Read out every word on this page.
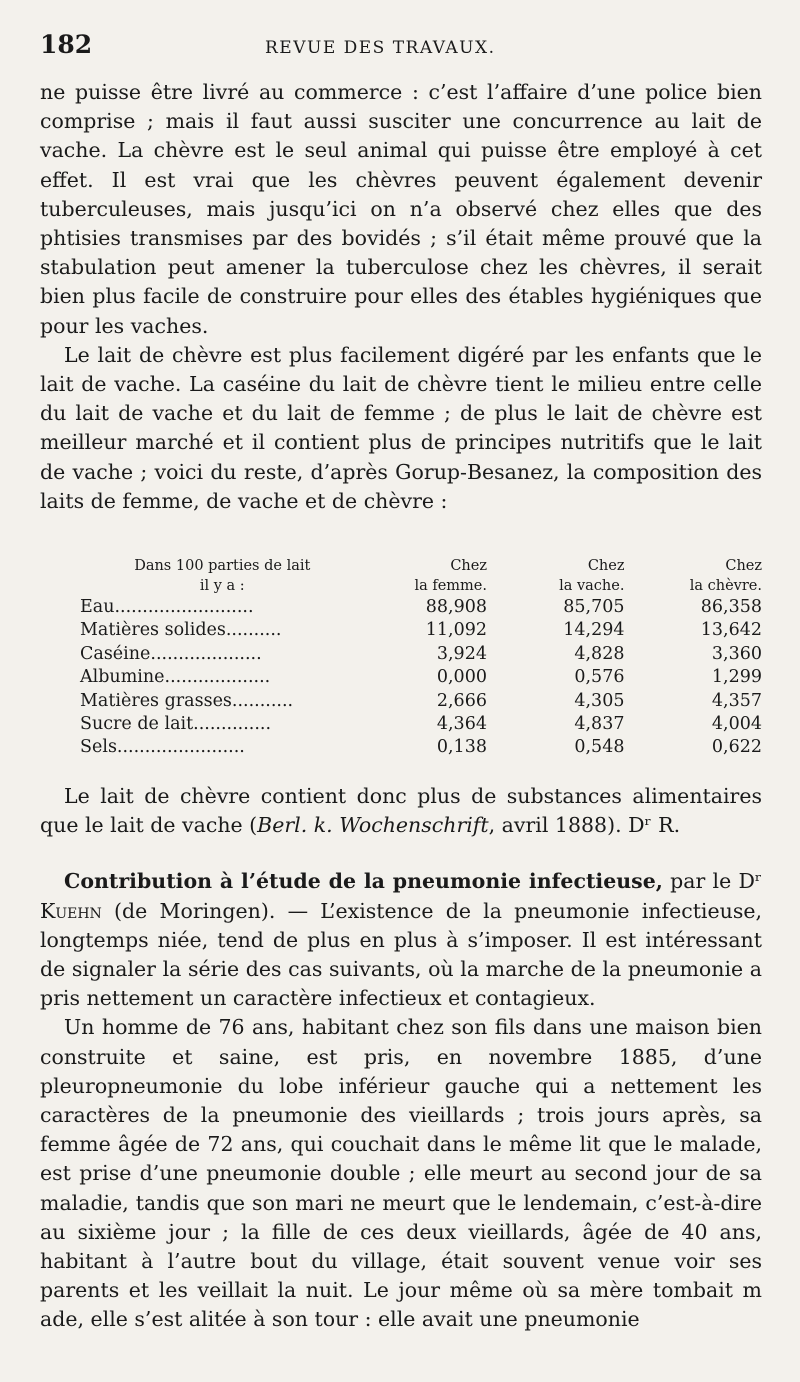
182	REVUE DES TRAVAUX.

ne puisse être livré au commerce : c’est l’affaire d’une police bien comprise ; mais il faut aussi susciter une concurrence au lait de vache. La chèvre est le seul animal qui puisse être employé à cet effet. Il est vrai que les chèvres peuvent également devenir tuberculeuses, mais jusqu’ici on n’a observé chez elles que des phtisies transmises par des bovidés ; s’il était même prouvé que la stabulation peut amener la tuberculose chez les chèvres, il serait bien plus facile de construire pour elles des étables hygiéniques que pour les vaches.

Le lait de chèvre est plus facilement digéré par les enfants que le lait de vache. La caséine du lait de chèvre tient le milieu entre celle du lait de vache et du lait de femme ; de plus le lait de chèvre est meilleur marché et il contient plus de principes nutritifs que le lait de vache ; voici du reste, d’après Gorup-Besanez, la composition des laits de femme, de vache et de chèvre :

Dans 100 parties de lait	Chez	Chez	Chez
il y a :	la femme.	la vache.	la chèvre.
Eau.........................	88,908	85,705	86,358
Matières solides..........	11,092	14,294	13,642
Caséine....................	3,924	4,828	3,360
Albumine...................	0,000	0,576	1,299
Matières grasses...........	2,666	4,305	4,357
Sucre de lait..............	4,364	4,837	4,004
Sels.......................	0,138	0,548	0,622

Le lait de chèvre contient donc plus de substances alimentaires que le lait de vache (Berl. k. Wochenschrift, avril 1888). Dʳ R.

Contribution à l’étude de la pneumonie infectieuse, par le Dʳ Kuehn (de Moringen). — L’existence de la pneumonie infectieuse, longtemps niée, tend de plus en plus à s’imposer. Il est intéressant de signaler la série des cas suivants, où la marche de la pneumonie a pris nettement un caractère infectieux et contagieux.

Un homme de 76 ans, habitant chez son fils dans une maison bien construite et saine, est pris, en novembre 1885, d’une pleuropneumonie du lobe inférieur gauche qui a nettement les caractères de la pneumonie des vieillards ; trois jours après, sa femme âgée de 72 ans, qui couchait dans le même lit que le malade, est prise d’une pneumonie double ; elle meurt au second jour de sa maladie, tandis que son mari ne meurt que le lendemain, c’est-à-dire au sixième jour ; la fille de ces deux vieillards, âgée de 40 ans, habitant à l’autre bout du village, était souvent venue voir ses parents et les veillait la nuit. Le jour même où sa mère tombait m ade, elle s’est alitée à son tour : elle avait une pneumonie
